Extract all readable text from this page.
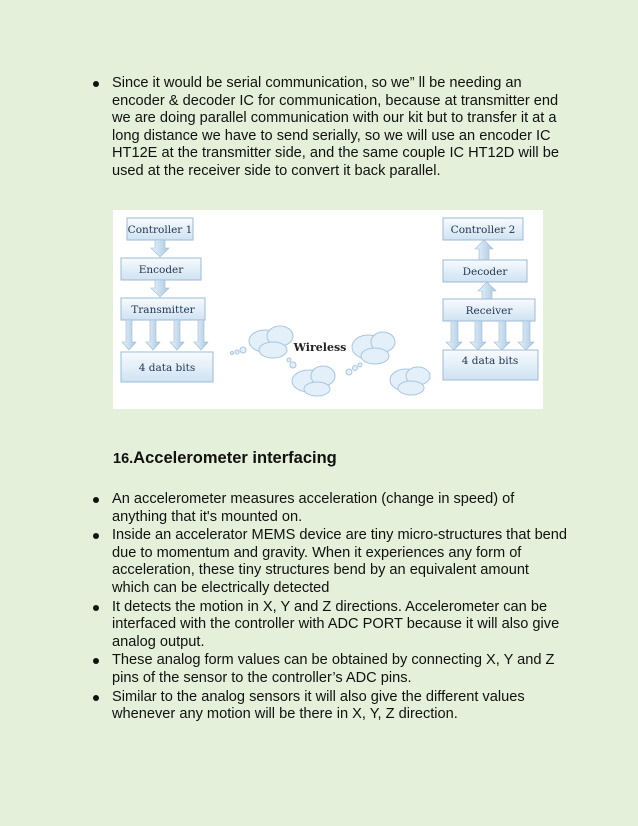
Since it would be serial communication, so we” ll be needing an encoder & decoder IC for communication, because at transmitter end we are doing parallel communication with our kit but to transfer it at a long distance we have to send serially, so we will use an encoder IC HT12E at the transmitter side, and the same couple IC HT12D will be used at the receiver side to convert it back parallel.
Controller 1
Encoder
Transmitter
4 data bits
Controller 2
Decoder
Receiver
4 data bits
Wireless
16.Accelerometer interfacing
An accelerometer measures acceleration (change in speed) of anything that it's mounted on.
Inside an accelerator MEMS device are tiny micro-structures that bend due to momentum and gravity. When it experiences any form of acceleration, these tiny structures bend by an equivalent amount which can be electrically detected
It detects the motion in X, Y and Z directions. Accelerometer can be interfaced with the controller with ADC PORT because it will also give analog output.
These analog form values can be obtained by connecting X, Y and Z pins of the sensor to the controller’s ADC pins.
Similar to the analog sensors it will also give the different values whenever any motion will be there in X, Y, Z direction.
